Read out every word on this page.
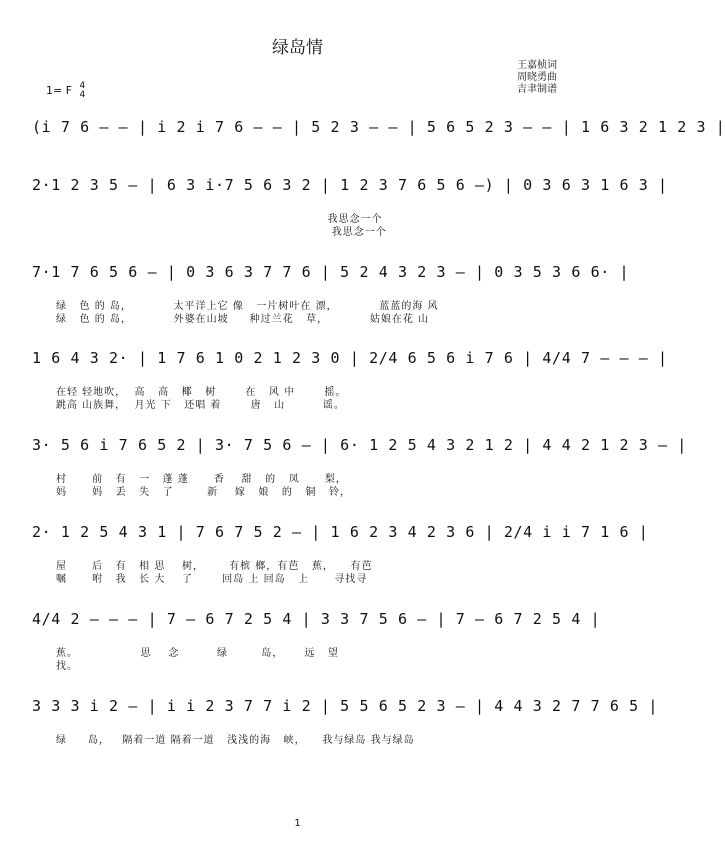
绿岛情
王嘉桢词
周晓勇曲
吉聿制谱
1= F 4
4
(i 7 6 — — | i 2 i 7 6 — — | 5 2 3 — — | 5 6 5 2 3 — — | 1 6 3 2 1 2 3 |
2·1 2 3 5 — | 6 3 i·7 5 6 3 2 | 1 2 3 7 6 5 6 —) | 0 3 6 3 1 6 3 |
我思念一个
我思念一个
7·1 7 6 5 6 — | 0 3 6 3 7 7 6 | 5 2 4 3 2 3 — | 0 3 5 3 6 6· |
绿   色 的 岛，          太平洋上它 像   一片树叶在 漂，          蓝蓝的海 风
绿   色 的 岛，          外婆在山坡     种过兰花   草，          姑娘在花 山
1 6 4 3 2· | 1 7 6 1 0 2 1 2 3 0 | 2/4 6 5 6 i 7 6 | 4/4 7 — — — |
在轻 轻地吹，  高   高   椰   树       在   风 中       摇。
跳高 山族舞，  月光 下   还唱 着       唐   山         谣。
3· 5 6 i 7 6 5 2 | 3· 7 5 6 — | 6· 1 2 5 4 3 2 1 2 | 4 4 2 1 2 3 — |
村      前   有   一   蓬 蓬      香    甜   的   凤      梨，
妈      妈   丢   失   了        新    嫁   娘   的   铜   铃，
2· 1 2 5 4 3 1 | 7 6 7 5 2 — | 1 6 2 3 4 2 3 6 | 2/4 i i 7 1 6 |
屋      后   有   相 思    树，      有槟 榔，有芭   蕉，    有芭
嘱      咐   我   长 大    了       回岛 上 回岛   上      寻找寻
4/4 2 — — — | 7 — 6 7 2 5 4 | 3 3 7 5 6 — | 7 — 6 7 2 5 4 |
蕉。               思    念         绿        岛，     远   望
找。
3 3 3 i 2 — | i i 2 3 7 7 i 2 | 5 5 6 5 2 3 — | 4 4 3 2 7 7 6 5 |
绿     岛，   隔着一道 隔着一道   浅浅的海   峡，    我与绿岛 我与绿岛
1
